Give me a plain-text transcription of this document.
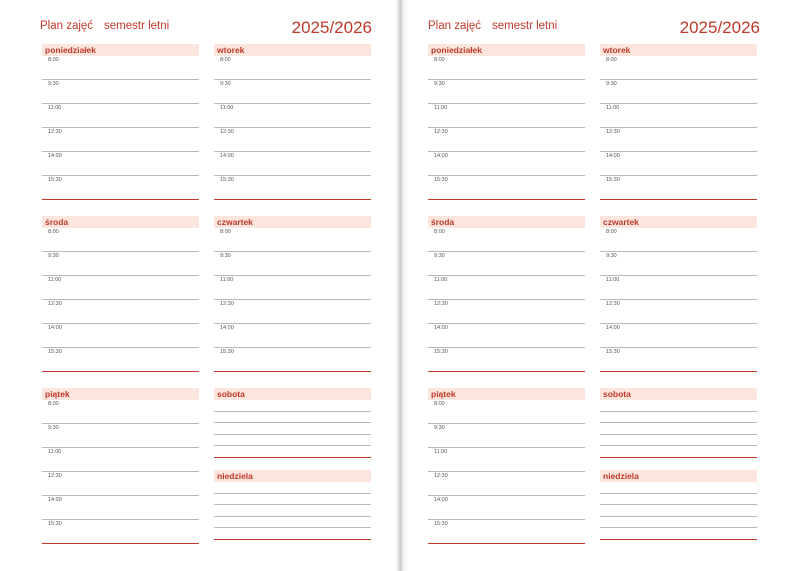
Plan zajęć semestr letni	2025/2026
poniedziałek
8:00
9:30
11:00
12:30
14:00
15:30
wtorek
8:00
9:30
11:00
12:30
14:00
15:30
środa
8:00
9:30
11:00
12:30
14:00
15:30
czwartek
8:00
9:30
11:00
12:30
14:00
15:30
piątek
8:00
9:30
11:00
12:30
14:00
15:30
sobota
niedziela
Plan zajęć semestr letni	2025/2026
poniedziałek
8:00
9:30
11:00
12:30
14:00
15:30
wtorek
8:00
9:30
11:00
12:30
14:00
15:30
środa
8:00
9:30
11:00
12:30
14:00
15:30
czwartek
8:00
9:30
11:00
12:30
14:00
15:30
piątek
8:00
9:30
11:00
12:30
14:00
15:30
sobota
niedziela
